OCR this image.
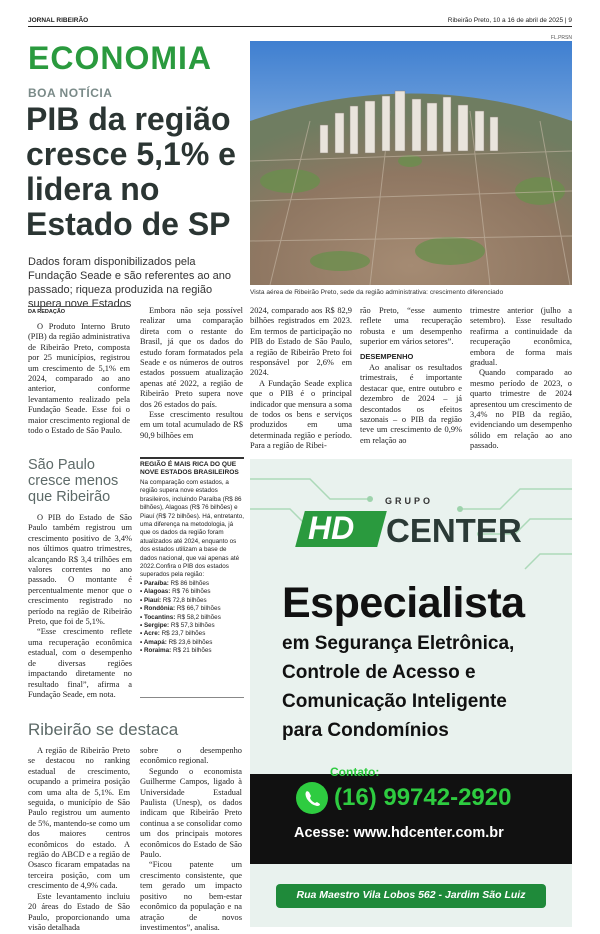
JORNAL RIBEIRÃO	Ribeirão Preto, 10 a 16 de abril de 2025 | 9
ECONOMIA
BOA NOTÍCIA
PIB da região cresce 5,1% e lidera no Estado de SP
Dados foram disponibilizados pela Fundação Seade e são referentes ao ano passado; riqueza produzida na região supera nove Estados
DA REDAÇÃO
FL.PRSN
Vista aérea de Ribeirão Preto, sede da região administrativa: crescimento diferenciado

O Produto Interno Bruto (PIB) da região administrativa de Ribeirão Preto, composta por 25 municípios, registrou um crescimento de 5,1% em 2024, comparado ao ano anterior, conforme levantamento realizado pela Fundação Seade. Esse foi o maior crescimento regional de todo o Estado de São Paulo.

Embora não seja possível realizar uma comparação direta com o restante do Brasil, já que os dados do estudo foram formatados pela Seade e os números de outros estados possuem atualização apenas até 2022, a região de Ribeirão Preto supera nove dos 26 estados do país.

Esse crescimento resultou em um total acumulado de R$ 90,9 bilhões em

2024, comparado aos R$ 82,9 bilhões registrados em 2023. Em termos de participação no PIB do Estado de São Paulo, a região de Ribeirão Preto foi responsável por 2,6% em 2024.

A Fundação Seade explica que o PIB é o principal indicador que mensura a soma de todos os bens e serviços produzidos em uma determinada região e período. Para a região de Ribei-

rão Preto, “esse aumento reflete uma recuperação robusta e um desempenho superior em vários setores”.

DESEMPENHO

Ao analisar os resultados trimestrais, é importante destacar que, entre outubro e dezembro de 2024 – já descontados os efeitos sazonais – o PIB da região teve um crescimento de 0,9% em relação ao

trimestre anterior (julho a setembro). Esse resultado reafirma a continuidade da recuperação econômica, embora de forma mais gradual.

Quando comparado ao mesmo período de 2023, o quarto trimestre de 2024 apresentou um crescimento de 3,4% no PIB da região, evidenciando um desempenho sólido em relação ao ano passado.

São Paulo cresce menos que Ribeirão

O PIB do Estado de São Paulo também registrou um crescimento positivo de 3,4% nos últimos quatro trimestres, alcançando R$ 3,4 trilhões em valores correntes no ano passado. O montante é percentualmente menor que o crescimento registrado no período na região de Ribeirão Preto, que foi de 5,1%.

“Esse crescimento reflete uma recuperação econômica estadual, com o desempenho de diversas regiões impactando diretamente no resultado final”, afirma a Fundação Seade, em nota.

REGIÃO É MAIS RICA DO QUE NOVE ESTADOS BRASILEIROS
Na comparação com estados, a região supera nove estados brasileiros, incluindo Paraíba (R$ 86 bilhões), Alagoas (R$ 76 bilhões) e Piauí (R$ 72 bilhões). Há, entretanto, uma diferença na metodologia, já que os dados da região foram atualizados até 2024, enquanto os dos estados utilizam a base de dados nacional, que vai apenas até 2022.Confira o PIB dos estados superados pela região:
• Paraíba: R$ 86 bilhões
• Alagoas: R$ 76 bilhões
• Piauí: R$ 72,8 bilhões
• Rondônia: R$ 66,7 bilhões
• Tocantins: R$ 58,2 bilhões
• Sergipe: R$ 57,3 bilhões
• Acre: R$ 23,7 bilhões
• Amapá: R$ 23,6 bilhões
• Roraima: R$ 21 bilhões
Ribeirão se destaca

A região de Ribeirão Preto se destacou no ranking estadual de crescimento, ocupando a primeira posição com uma alta de 5,1%. Em seguida, o município de São Paulo registrou um aumento de 5%, mantendo-se como um dos maiores centros econômicos do estado. A região do ABCD e a região de Osasco ficaram empatadas na terceira posição, com um crescimento de 4,9% cada.

Este levantamento incluiu 20 áreas do Estado de São Paulo, proporcionando uma visão detalhada

sobre o desempenho econômico regional.

Segundo o economista Guilherme Campos, ligado à Universidade Estadual Paulista (Unesp), os dados indicam que Ribeirão Preto continua a se consolidar como um dos principais motores econômicos do Estado de São Paulo.

“Ficou patente um crescimento consistente, que tem gerado um impacto positivo no bem-estar econômico da população e na atração de novos investimentos”, analisa.

GRUPO
HD CENTER
Especialista
em Segurança Eletrônica,
Controle de Acesso e
Comunicação Inteligente
para Condomínios
Contato:
(16) 99742-2920
Acesse: www.hdcenter.com.br
Rua Maestro Vila Lobos 562 - Jardim São Luiz
